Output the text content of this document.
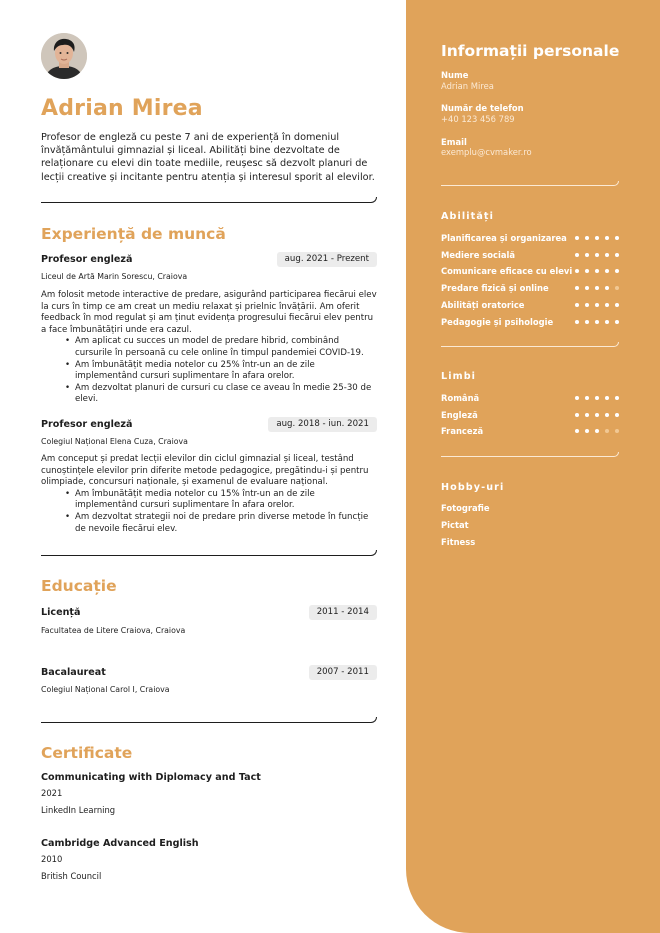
Adrian Mirea
Profesor de engleză cu peste 7 ani de experiență în domeniul învățământului gimnazial și liceal. Abilități bine dezvoltate de relaționare cu elevi din toate mediile, reușesc să dezvolt planuri de lecții creative și incitante pentru atenția și interesul sporit al elevilor.
Experiență de muncă
Profesor engleză	aug. 2021 - Prezent
Liceul de Artă Marin Sorescu, Craiova
Am folosit metode interactive de predare, asigurând participarea fiecărui elev la curs în timp ce am creat un mediu relaxat și prielnic învățării. Am oferit feedback în mod regulat și am ținut evidența progresului fiecărui elev pentru a face îmbunătățiri unde era cazul.
• Am aplicat cu succes un model de predare hibrid, combinând cursurile în persoană cu cele online în timpul pandemiei COVID-19.
• Am îmbunătățit media notelor cu 25% într-un an de zile implementând cursuri suplimentare în afara orelor.
• Am dezvoltat planuri de cursuri cu clase ce aveau în medie 25-30 de elevi.
Profesor engleză	aug. 2018 - iun. 2021
Colegiul Național Elena Cuza, Craiova
Am conceput și predat lecții elevilor din ciclul gimnazial și liceal, testând cunoștințele elevilor prin diferite metode pedagogice, pregătindu-i și pentru olimpiade, concursuri naționale, și examenul de evaluare național.
• Am îmbunătățit media notelor cu 15% într-un an de zile implementând cursuri suplimentare în afara orelor.
• Am dezvoltat strategii noi de predare prin diverse metode în funcție de nevoile fiecărui elev.
Educație
Licență	2011 - 2014
Facultatea de Litere Craiova, Craiova
Bacalaureat	2007 - 2011
Colegiul Național Carol I, Craiova
Certificate
Communicating with Diplomacy and Tact
2021
LinkedIn Learning
Cambridge Advanced English
2010
British Council
Informații personale
Nume
Adrian Mirea
Număr de telefon
+40 123 456 789
Email
exemplu@cvmaker.ro
Abilități
Planificarea și organizarea
Mediere socială
Comunicare eficace cu elevi
Predare fizică și online
Abilități oratorice
Pedagogie și psihologie
Limbi
Română
Engleză
Franceză
Hobby-uri
Fotografie
Pictat
Fitness
